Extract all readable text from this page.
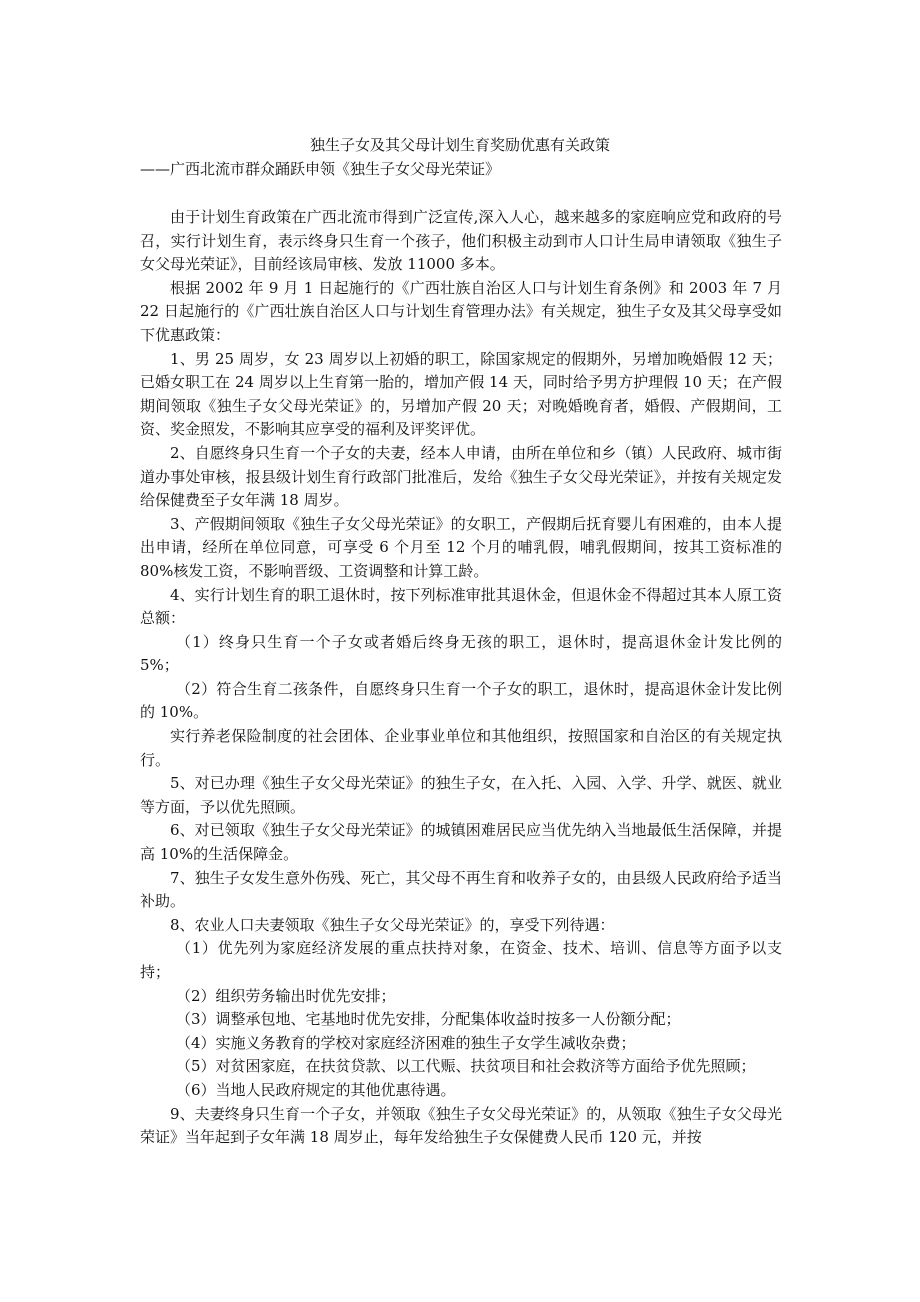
独生子女及其父母计划生育奖励优惠有关政策
——广西北流市群众踊跃申领《独生子女父母光荣证》

由于计划生育政策在广西北流市得到广泛宣传,深入人心，越来越多的家庭响应党和政府的号召，实行计划生育，表示终身只生育一个孩子，他们积极主动到市人口计生局申请领取《独生子女父母光荣证》，目前经该局审核、发放 11000 多本。

根据 2002 年 9 月 1 日起施行的《广西壮族自治区人口与计划生育条例》和 2003 年 7 月 22 日起施行的《广西壮族自治区人口与计划生育管理办法》有关规定，独生子女及其父母享受如下优惠政策：

1、男 25 周岁，女 23 周岁以上初婚的职工，除国家规定的假期外，另增加晚婚假 12 天；已婚女职工在 24 周岁以上生育第一胎的，增加产假 14 天，同时给予男方护理假 10 天；在产假期间领取《独生子女父母光荣证》的，另增加产假 20 天；对晚婚晚育者，婚假、产假期间，工资、奖金照发，不影响其应享受的福利及评奖评优。

2、自愿终身只生育一个子女的夫妻，经本人申请，由所在单位和乡（镇）人民政府、城市街道办事处审核，报县级计划生育行政部门批准后，发给《独生子女父母光荣证》，并按有关规定发给保健费至子女年满 18 周岁。

3、产假期间领取《独生子女父母光荣证》的女职工，产假期后抚育婴儿有困难的，由本人提出申请，经所在单位同意，可享受 6 个月至 12 个月的哺乳假，哺乳假期间，按其工资标准的 80%核发工资，不影响晋级、工资调整和计算工龄。

4、实行计划生育的职工退休时，按下列标准审批其退休金，但退休金不得超过其本人原工资总额：

（1）终身只生育一个子女或者婚后终身无孩的职工，退休时，提高退休金计发比例的 5%；

（2）符合生育二孩条件，自愿终身只生育一个子女的职工，退休时，提高退休金计发比例的 10%。

实行养老保险制度的社会团体、企业事业单位和其他组织，按照国家和自治区的有关规定执行。

5、对已办理《独生子女父母光荣证》的独生子女，在入托、入园、入学、升学、就医、就业等方面，予以优先照顾。

6、对已领取《独生子女父母光荣证》的城镇困难居民应当优先纳入当地最低生活保障，并提高 10%的生活保障金。

7、独生子女发生意外伤残、死亡，其父母不再生育和收养子女的，由县级人民政府给予适当补助。

8、农业人口夫妻领取《独生子女父母光荣证》的，享受下列待遇：

（1）优先列为家庭经济发展的重点扶持对象，在资金、技术、培训、信息等方面予以支持；

（2）组织劳务输出时优先安排；

（3）调整承包地、宅基地时优先安排，分配集体收益时按多一人份额分配；

（4）实施义务教育的学校对家庭经济困难的独生子女学生减收杂费；

（5）对贫困家庭，在扶贫贷款、以工代赈、扶贫项目和社会救济等方面给予优先照顾；

（6）当地人民政府规定的其他优惠待遇。

9、夫妻终身只生育一个子女，并领取《独生子女父母光荣证》的，从领取《独生子女父母光荣证》当年起到子女年满 18 周岁止，每年发给独生子女保健费人民币 120 元，并按
